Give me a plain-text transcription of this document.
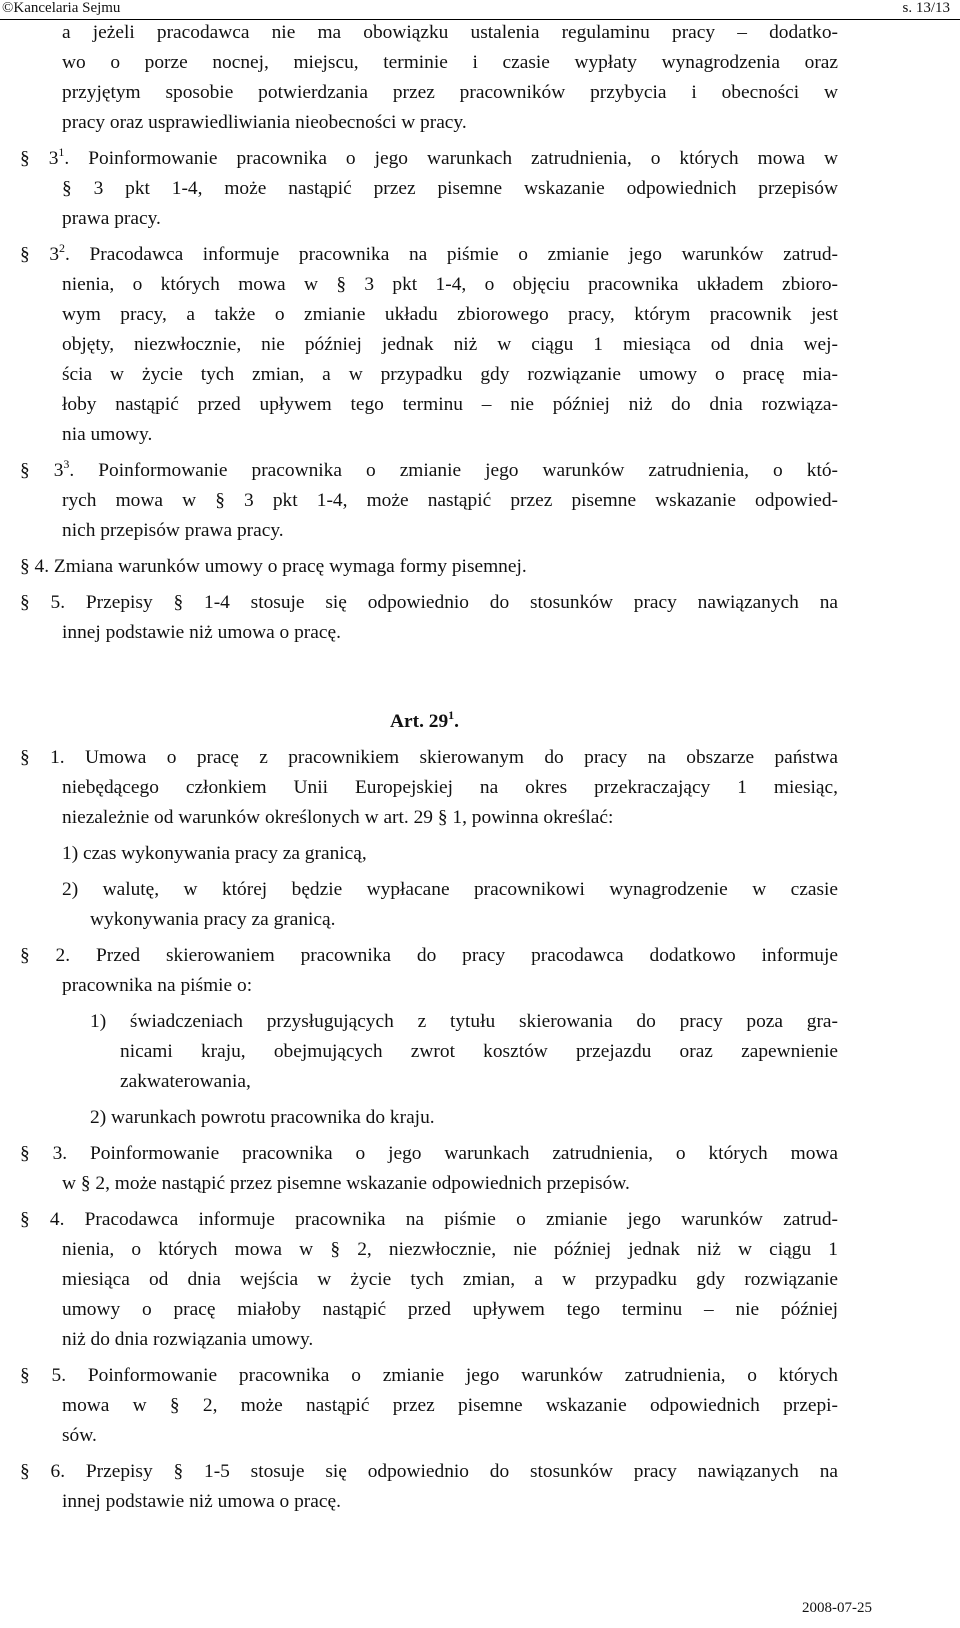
©Kancelaria Sejmu	s. 13/13
a jeżeli pracodawca nie ma obowiązku ustalenia regulaminu pracy – dodatko-
wo o porze nocnej, miejscu, terminie i czasie wypłaty wynagrodzenia oraz
przyjętym sposobie potwierdzania przez pracowników przybycia i obecności w
pracy oraz usprawiedliwiania nieobecności w pracy.
§ $3^1$. Poinformowanie pracownika o jego warunkach zatrudnienia, o których mowa w
§ 3 pkt 1-4, może nastąpić przez pisemne wskazanie odpowiednich przepisów
prawa pracy.
§ $3^2$. Pracodawca informuje pracownika na piśmie o zmianie jego warunków zatrud-
nienia, o których mowa w § 3 pkt 1-4, o objęciu pracownika układem zbioro-
wym pracy, a także o zmianie układu zbiorowego pracy, którym pracownik jest
objęty, niezwłocznie, nie później jednak niż w ciągu 1 miesiąca od dnia wej-
ścia w życie tych zmian, a w przypadku gdy rozwiązanie umowy o pracę mia-
łoby nastąpić przed upływem tego terminu – nie później niż do dnia rozwiąza-
nia umowy.
§ $3^3$. Poinformowanie pracownika o zmianie jego warunków zatrudnienia, o któ-
rych mowa w § 3 pkt 1-4, może nastąpić przez pisemne wskazanie odpowied-
nich przepisów prawa pracy.
§ 4. Zmiana warunków umowy o pracę wymaga formy pisemnej.
§ 5. Przepisy § 1-4 stosuje się odpowiednio do stosunków pracy nawiązanych na
innej podstawie niż umowa o pracę.
Art. $29^1$.
§ 1. Umowa o pracę z pracownikiem skierowanym do pracy na obszarze państwa
niebędącego członkiem Unii Europejskiej na okres przekraczający 1 miesiąc,
niezależnie od warunków określonych w art. 29 § 1, powinna określać:
1) czas wykonywania pracy za granicą,
2) walutę, w której będzie wypłacane pracownikowi wynagrodzenie w czasie
wykonywania pracy za granicą.
§ 2. Przed skierowaniem pracownika do pracy pracodawca dodatkowo informuje
pracownika na piśmie o:
1) świadczeniach przysługujących z tytułu skierowania do pracy poza gra-
nicami kraju, obejmujących zwrot kosztów przejazdu oraz zapewnienie
zakwaterowania,
2) warunkach powrotu pracownika do kraju.
§ 3. Poinformowanie pracownika o jego warunkach zatrudnienia, o których mowa
w § 2, może nastąpić przez pisemne wskazanie odpowiednich przepisów.
§ 4. Pracodawca informuje pracownika na piśmie o zmianie jego warunków zatrud-
nienia, o których mowa w § 2, niezwłocznie, nie później jednak niż w ciągu 1
miesiąca od dnia wejścia w życie tych zmian, a w przypadku gdy rozwiązanie
umowy o pracę miałoby nastąpić przed upływem tego terminu – nie później
niż do dnia rozwiązania umowy.
§ 5. Poinformowanie pracownika o zmianie jego warunków zatrudnienia, o których
mowa w § 2, może nastąpić przez pisemne wskazanie odpowiednich przepi-
sów.
§ 6. Przepisy § 1-5 stosuje się odpowiednio do stosunków pracy nawiązanych na
innej podstawie niż umowa o pracę.
2008-07-25
